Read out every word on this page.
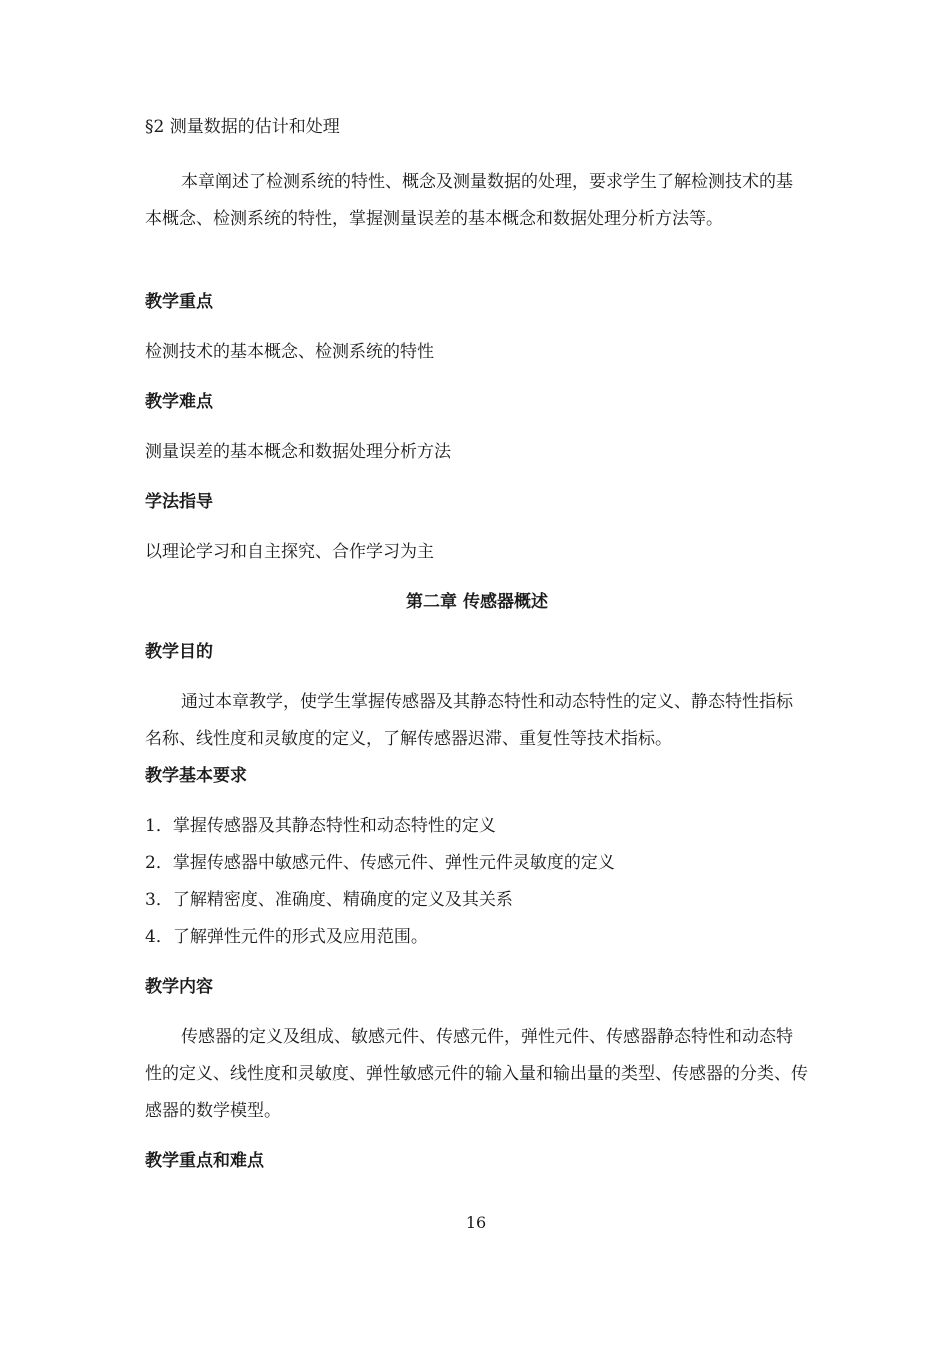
§2 测量数据的估计和处理

本章阐述了检测系统的特性、概念及测量数据的处理，要求学生了解检测技术的基本概念、检测系统的特性，掌握测量误差的基本概念和数据处理分析方法等。

教学重点

检测技术的基本概念、检测系统的特性

教学难点

测量误差的基本概念和数据处理分析方法

学法指导

以理论学习和自主探究、合作学习为主

第二章 传感器概述

教学目的

通过本章教学，使学生掌握传感器及其静态特性和动态特性的定义、静态特性指标名称、线性度和灵敏度的定义，了解传感器迟滞、重复性等技术指标。

教学基本要求

1．掌握传感器及其静态特性和动态特性的定义
2．掌握传感器中敏感元件、传感元件、弹性元件灵敏度的定义
3．了解精密度、准确度、精确度的定义及其关系
4．了解弹性元件的形式及应用范围。

教学内容

传感器的定义及组成、敏感元件、传感元件，弹性元件、传感器静态特性和动态特性的定义、线性度和灵敏度、弹性敏感元件的输入量和输出量的类型、传感器的分类、传感器的数学模型。

教学重点和难点

16
